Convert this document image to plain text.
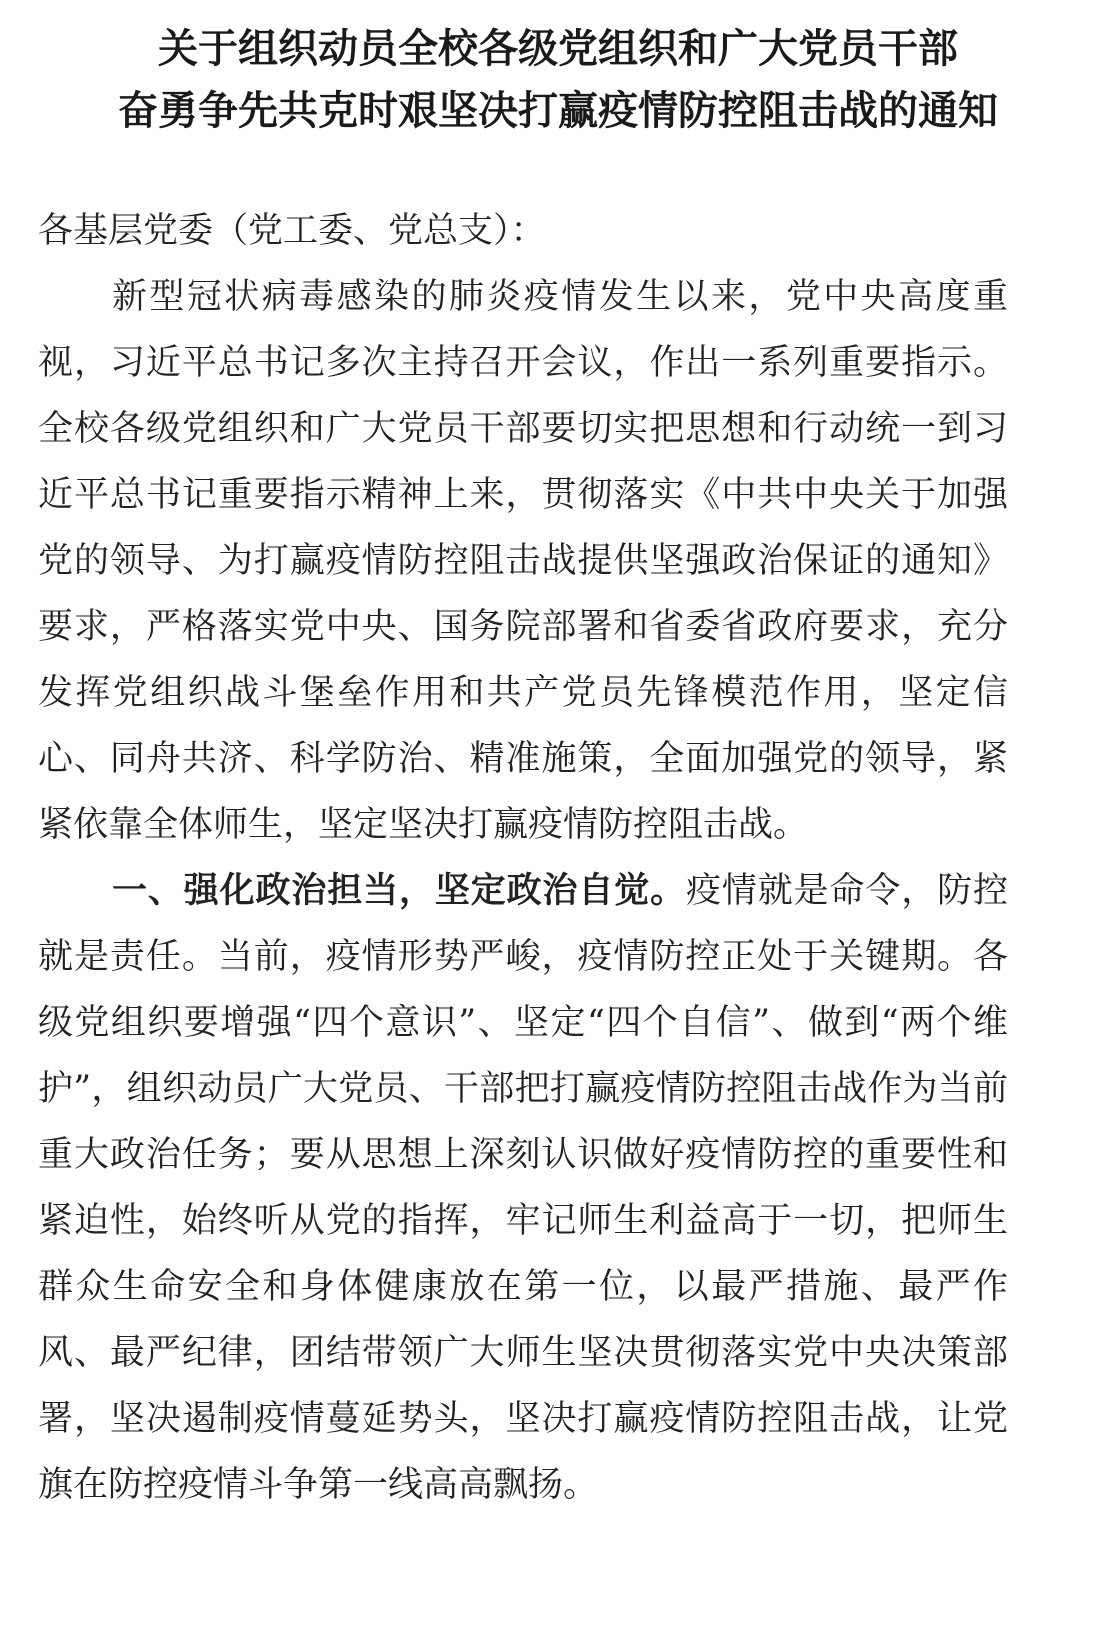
关于组织动员全校各级党组织和广大党员干部
奋勇争先共克时艰坚决打赢疫情防控阻击战的通知
各基层党委（党工委、党总支）：

新型冠状病毒感染的肺炎疫情发生以来，党中央高度重视，习近平总书记多次主持召开会议，作出一系列重要指示。全校各级党组织和广大党员干部要切实把思想和行动统一到习近平总书记重要指示精神上来，贯彻落实《中共中央关于加强党的领导、为打赢疫情防控阻击战提供坚强政治保证的通知》要求，严格落实党中央、国务院部署和省委省政府要求，充分发挥党组织战斗堡垒作用和共产党员先锋模范作用，坚定信心、同舟共济、科学防治、精准施策，全面加强党的领导，紧紧依靠全体师生，坚定坚决打赢疫情防控阻击战。

一、强化政治担当，坚定政治自觉。疫情就是命令，防控就是责任。当前，疫情形势严峻，疫情防控正处于关键期。各级党组织要增强“四个意识”、坚定“四个自信”、做到“两个维护”，组织动员广大党员、干部把打赢疫情防控阻击战作为当前重大政治任务；要从思想上深刻认识做好疫情防控的重要性和紧迫性，始终听从党的指挥，牢记师生利益高于一切，把师生群众生命安全和身体健康放在第一位，以最严措施、最严作风、最严纪律，团结带领广大师生坚决贯彻落实党中央决策部署，坚决遏制疫情蔓延势头，坚决打赢疫情防控阻击战，让党旗在防控疫情斗争第一线高高飘扬。
